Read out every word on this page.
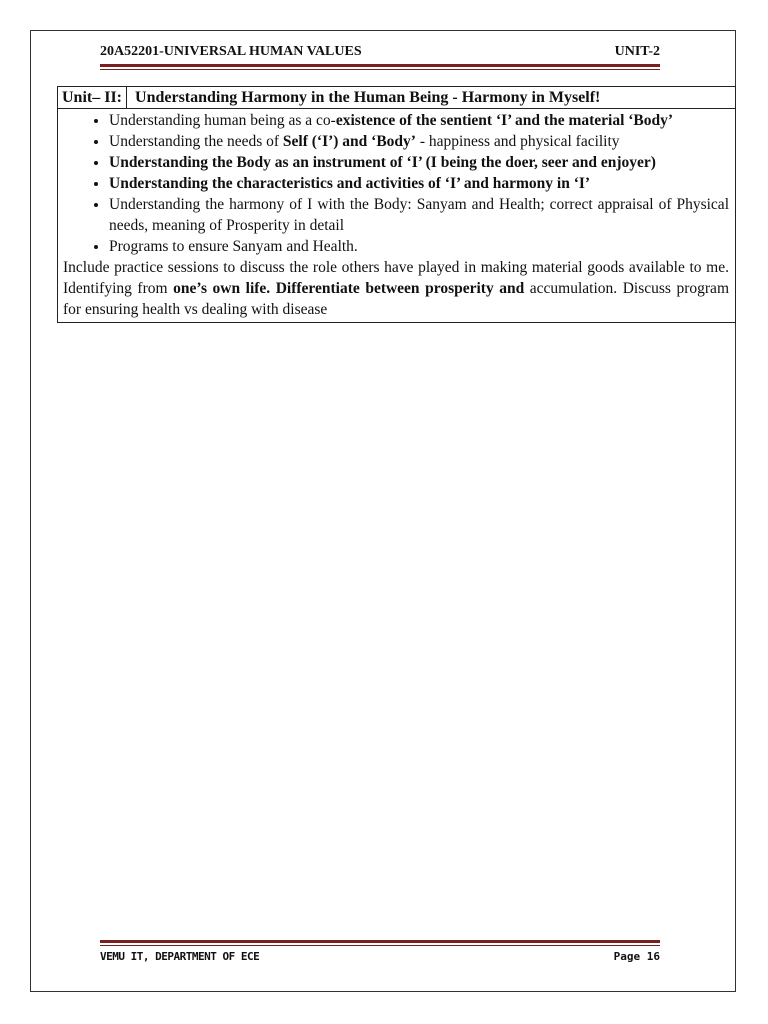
20A52201-UNIVERSAL HUMAN VALUES	UNIT-2
Unit– II: Understanding Harmony in the Human Being - Harmony in Myself!
• Understanding human being as a co-existence of the sentient ‘I’ and the material ‘Body’
• Understanding the needs of Self (‘I’) and ‘Body’ - happiness and physical facility
• Understanding the Body as an instrument of ‘I’ (I being the doer, seer and enjoyer)
• Understanding the characteristics and activities of ‘I’ and harmony in ‘I’
• Understanding the harmony of I with the Body: Sanyam and Health; correct appraisal of Physical needs, meaning of Prosperity in detail
• Programs to ensure Sanyam and Health.
Include practice sessions to discuss the role others have played in making material goods available to me. Identifying from one’s own life. Differentiate between prosperity and accumulation. Discuss program for ensuring health vs dealing with disease
VEMU IT, DEPARTMENT OF ECE	Page 16
